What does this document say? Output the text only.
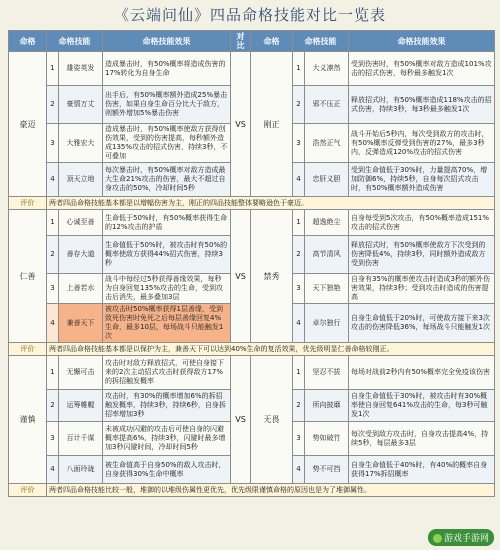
《云端问仙》四品命格技能对比一览表
命格	命格技能		命格技能效果	对比	命格	命格技能		命格技能效果
豪迈	1	雄姿英发	造成暴击时，有50%概率将造成伤害的17%转化为自身生命	VS	刚正	1	大义凛然	受到伤害时，有50%概率对敌方造成101%攻击的招式伤害，每秒最多触发1次
	2	豪情万丈	出手后，有50%概率额外造成25%暴击伤害，如果自身生命百分比大于敌方，则额外增加5%暴击伤害			2	邪不压正	释放招式时，有50%概率造成118%攻击的招式伤害，持续3秒，每3秒最多触发1次
	3	大雅宏大	造成暴击时，有50%概率使敌方获得创伤效果，受到的伤害提高，每秒额外造成135%攻击的招式伤害，持续3秒，不可叠加			3	浩然正气	战斗开始后5秒内，每次受到敌方的攻击时，有50%概率反弹受到伤害的27%，最多3秒内，反弹造成120%攻击的招式伤害
	4	顶天立地	每次暴击时，有50%概率对敌方造成最大生命21%攻击的伤害，最大不超过自身攻击的50%，冷却时间5秒			4	忠肝义胆	受到生命值低于30%时，力量提高70%，增加防御6%，持续5秒，自身每次招式攻击时，有50%概率额外造成伤害
评价	两者四品命格技能基本都是以增幅伤害为主，刚正的四品技能整体要略逊色于豪迈。							
仁善	1	心诚至善	生命低于50%时，有50%概率获得生命的12%攻击的护盾	VS	禁秀	1	超逸绝尘	自身每受到5次攻击，有50%概率造成151%攻击的招式伤害
	2	善存大道	生命值低于50%时，被攻击时有50%的概率使敌方获得44%招式伤害，持续3秒			2	高节清风	释放招式时，有50%概率使敌方下次受到的伤害降低4%，持续3秒，同时额外造成敌方受到伤害
	3	上善若水	战斗中每经过5秒获得善缘效果，每秒为自身回复135%攻击的生命，受到攻击后消失，最多叠加3层			3	天下独艳	自身有35%的概率使攻击时造成3秒的额外伤害效果，持续3秒；受到攻击时造成的伤害提高
	4	兼善天下	被攻击时50%概率获得1层善缘，受到致死伤害时免死之后每层善缘回复4%生命，最多10层，每场战斗只能触发1次			4	卓尔独行	自身生命值低于20%时，可使敌方接下来3次攻击的伤害降低36%，每场战斗只能触发1次
评价	两者四品命格技能基本都是以保护为主，兼善天下可以达到40%生命的复活效果，优先级明显仁善命格较刚正。							
谨慎	1	无懈可击	攻击时对敌方释放招式，可使自身接下来的2次主动招式攻击时获得敌方17%的拆招触发概率	VS	无畏	1	坚忍不拔	每场对战前2秒内有50%概率完全免疫该伤害
	2	运筹帷幄	攻击时，有30%的概率增加6%的拆招触发概率，持续3秒，持续6秒，自身拆招率增加3秒			2	所向披靡	自身生命值低于30%时，被攻击时有30%概率使自身回复641%攻击的生命，每3秒可触发1次
	3	百计千谋	未被成功闪避的攻击后可使自身的闪避概率提高6%，持续3秒，闪避时最多增加3秒闪避时间，冷却时间5秒			3	势如破竹	每次受到敌方攻击时，自身攻击提高4%，持续5秒，每层最多3层
	4	八面玲珑	被生命值高于自身50%的敌人攻击时，自身获得30%生命中概率			4	势不可挡	自身生命值低于40%时，有40%的概率自身获得17%拆招概率
评价	两者四品命格技能比较一般，堆御的以堆级伤属性更优先，优先级限谨慎命格的原因也是为了堆御属性。							
游戏手游网
